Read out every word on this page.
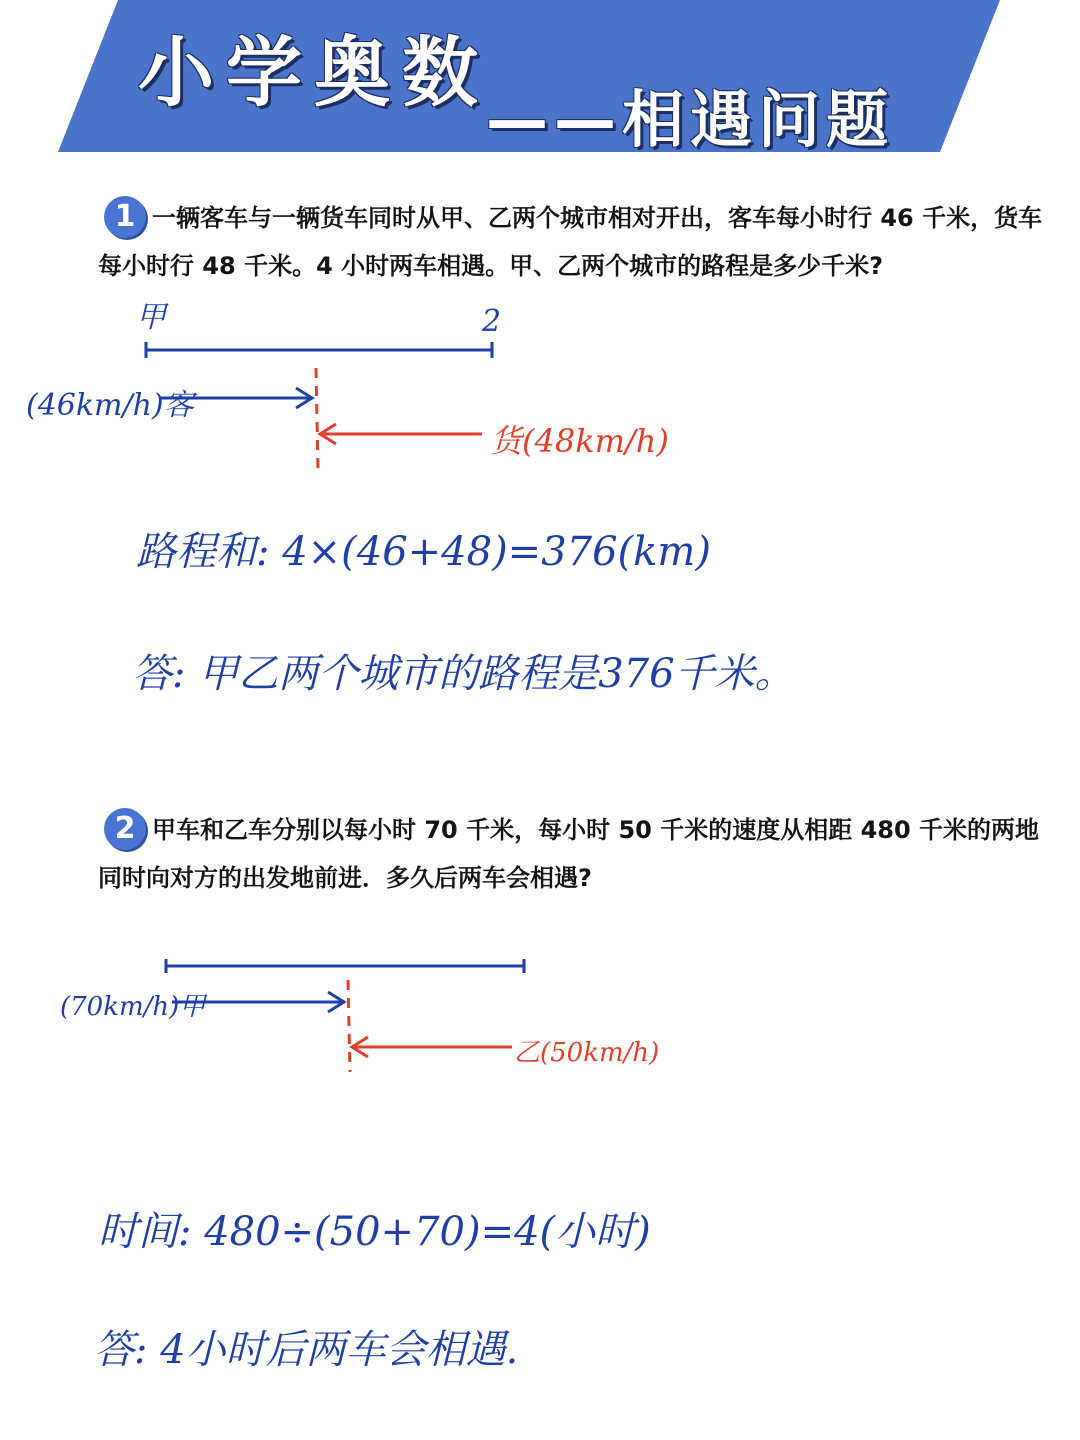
小学奥数
——相遇问题
1 一辆客车与一辆货车同时从甲、乙两个城市相对开出，客车每小时行 46 千米，货车每小时行 48 千米。4 小时两车相遇。甲、乙两个城市的路程是多少千米?
甲	2
(46km/h)客
货(48km/h)
路程和: 4×(46+48)=376(km)
答: 甲乙两个城市的路程是376千米。
2 甲车和乙车分别以每小时 70 千米，每小时 50 千米的速度从相距 480 千米的两地同时向对方的出发地前进．多久后两车会相遇?
(70km/h)甲
乙(50km/h)
时间: 480÷(50+70)=4(小时)
答: 4小时后两车会相遇.
